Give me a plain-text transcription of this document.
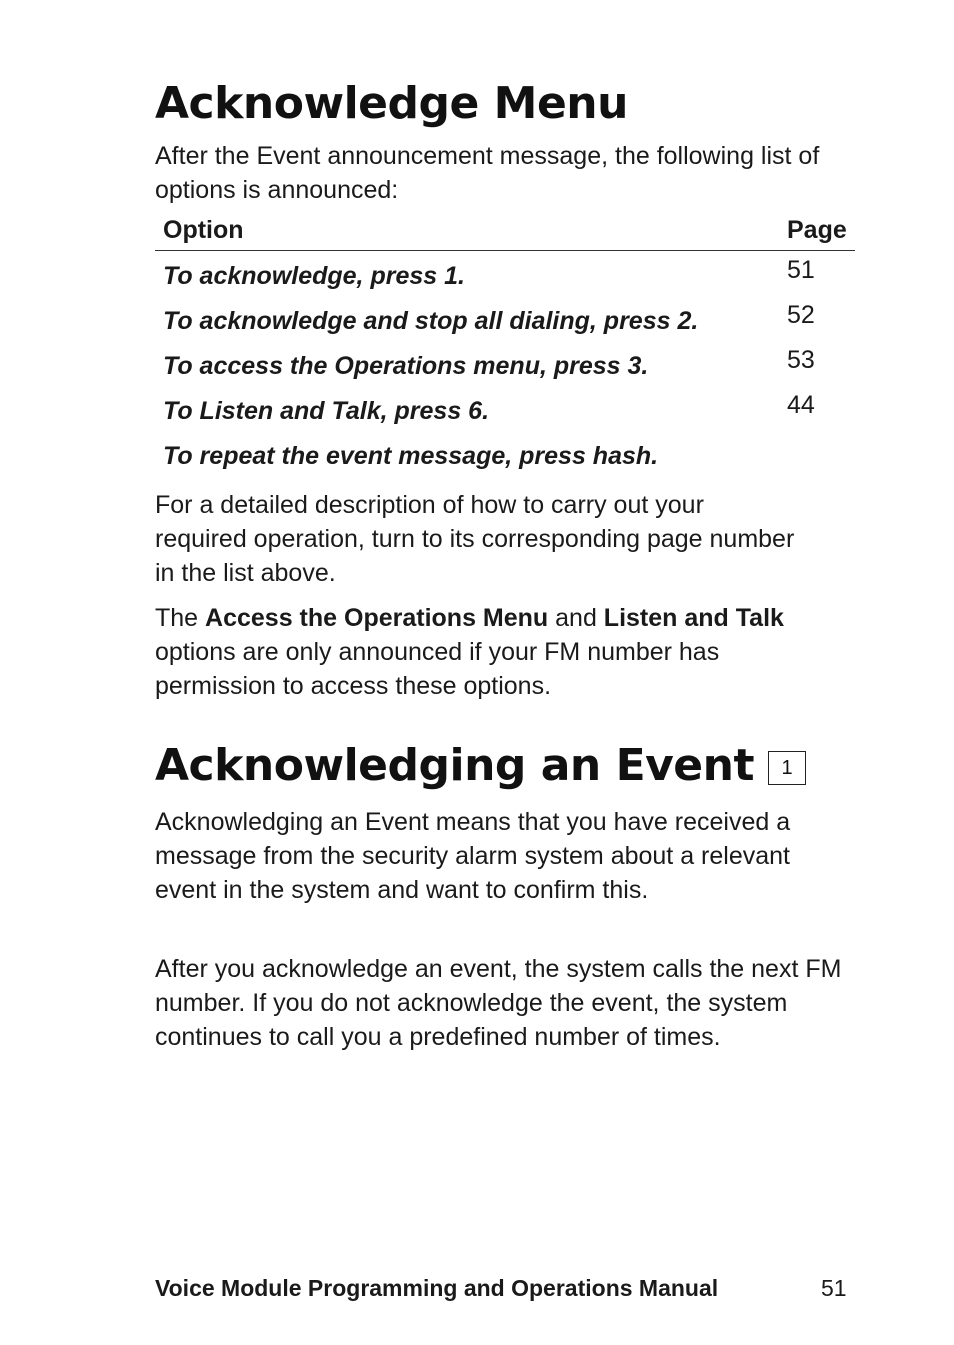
Acknowledge Menu

After the Event announcement message, the following list of options is announced:

Option	Page
To acknowledge, press 1.	51
To acknowledge and stop all dialing, press 2.	52
To access the Operations menu, press 3.	53
To Listen and Talk, press 6.	44
To repeat the event message, press hash.

For a detailed description of how to carry out your required operation, turn to its corresponding page number in the list above.

The Access the Operations Menu and Listen and Talk options are only announced if your FM number has permission to access these options.

Acknowledging an Event 1

Acknowledging an Event means that you have received a message from the security alarm system about a relevant event in the system and want to confirm this.

After you acknowledge an event, the system calls the next FM number. If you do not acknowledge the event, the system continues to call you a predefined number of times.

Voice Module Programming and Operations Manual	51
